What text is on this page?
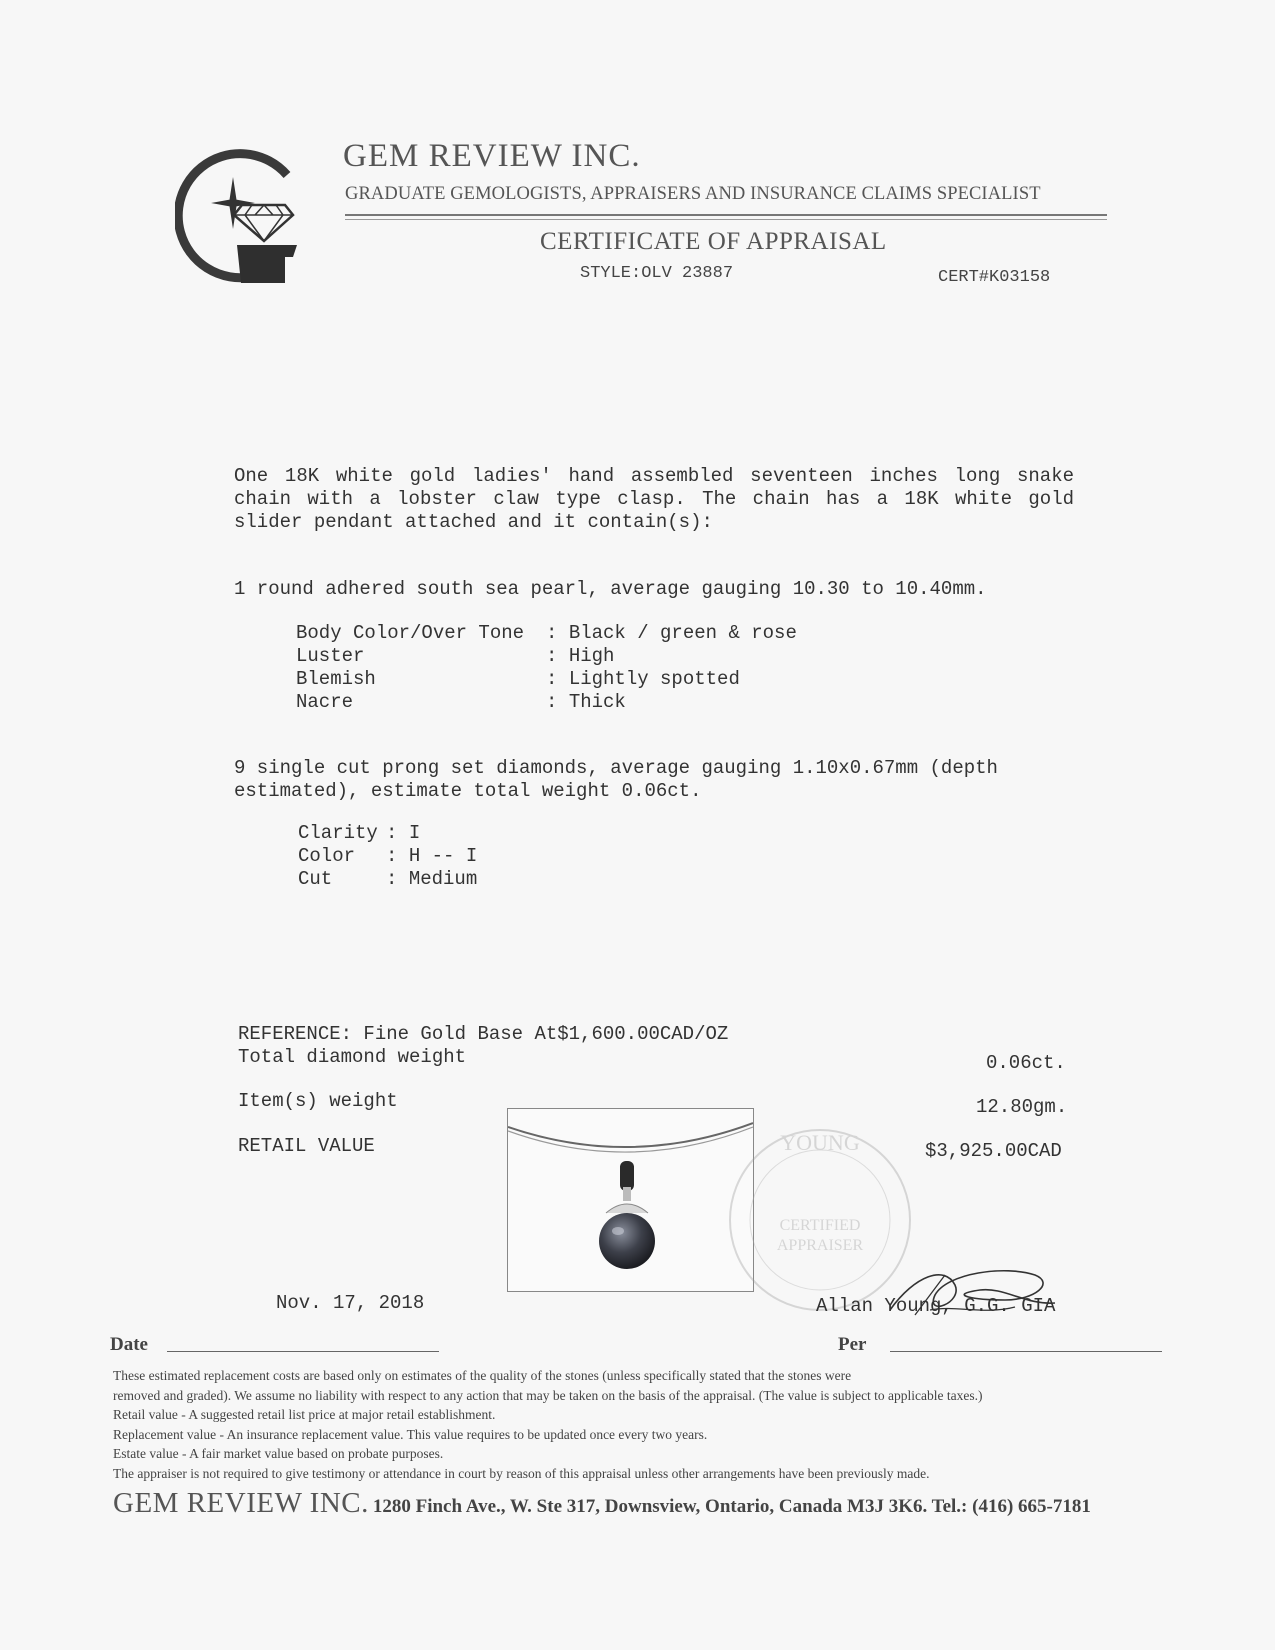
GEM REVIEW INC.
GRADUATE GEMOLOGISTS, APPRAISERS AND INSURANCE CLAIMS SPECIALIST
CERTIFICATE OF APPRAISAL
STYLE:OLV 23887	CERT#K03158
One 18K white gold ladies' hand assembled seventeen inches long snake chain with a lobster claw type clasp. The chain has a 18K white gold slider pendant attached and it contain(s):
1 round adhered south sea pearl, average gauging 10.30 to 10.40mm.
Body Color/Over Tone : Black / green & rose
Luster	: High
Blemish	: Lightly spotted
Nacre	: Thick
9 single cut prong set diamonds, average gauging 1.10x0.67mm (depth estimated), estimate total weight 0.06ct.
Clarity : I
Color : H -- I
Cut	: Medium
REFERENCE: Fine Gold Base At$1,600.00CAD/OZ
Total diamond weight	0.06ct.
Item(s) weight	12.80gm.
RETAIL VALUE	$3,925.00CAD
YOUNG
CERTIFIED
APPRAISER
Nov. 17, 2018	Allan Young, G.G. GIA
Date	Per
These estimated replacement costs are based only on estimates of the quality of the stones (unless specifically stated that the stones were
removed and graded). We assume no liability with respect to any action that may be taken on the basis of the appraisal. (The value is subject to applicable taxes.)
Retail value - A suggested retail list price at major retail establishment.
Replacement value - An insurance replacement value. This value requires to be updated once every two years.
Estate value - A fair market value based on probate purposes.
The appraiser is not required to give testimony or attendance in court by reason of this appraisal unless other arrangements have been previously made.
GEM REVIEW INC. 1280 Finch Ave., W. Ste 317, Downsview, Ontario, Canada M3J 3K6. Tel.: (416) 665-7181
